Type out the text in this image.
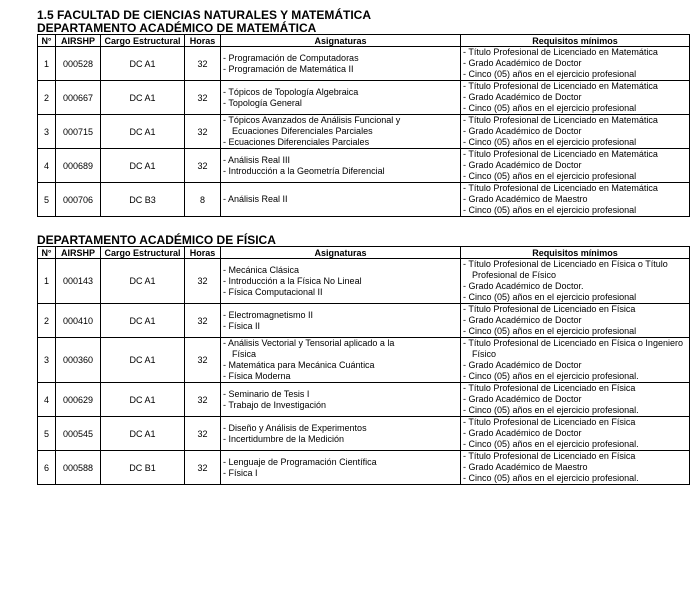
1.5 FACULTAD DE CIENCIAS NATURALES Y MATEMÁTICA
DEPARTAMENTO ACADÉMICO DE MATEMÁTICA
N°	AIRSHP	Cargo Estructural	Horas	Asignaturas	Requisitos mínimos
1	000528	DC A1	32	- Programación de Computadoras
- Programación de Matemática II	- Título Profesional de Licenciado en Matemática
- Grado Académico de Doctor
- Cinco (05) años en el ejercicio profesional

2	000667	DC A1	32	- Tópicos de Topología Algebraica
- Topología General	- Título Profesional de Licenciado en Matemática
- Grado Académico de Doctor
- Cinco (05) años en el ejercicio profesional

3	000715	DC A1	32	- Tópicos Avanzados de Análisis Funcional y
Ecuaciones Diferenciales Parciales
- Ecuaciones Diferenciales Parciales	- Título Profesional de Licenciado en Matemática
- Grado Académico de Doctor
- Cinco (05) años en el ejercicio profesional

4	000689	DC A1	32	- Análisis Real III
- Introducción a la Geometría Diferencial	- Título Profesional de Licenciado en Matemática
- Grado Académico de Doctor
- Cinco (05) años en el ejercicio profesional

5	000706	DC B3	8	- Análisis Real II	- Título Profesional de Licenciado en Matemática
- Grado Académico de Maestro
- Cinco (05) años en el ejercicio profesional
DEPARTAMENTO ACADÉMICO DE FÍSICA
N°	AIRSHP	Cargo Estructural	Horas	Asignaturas	Requisitos mínimos
1	000143	DC A1	32	- Mecánica Clásica
- Introducción a la Física No Lineal
- Física Computacional II	- Título Profesional de Licenciado en Física o Título
Profesional de Físico
- Grado Académico de Doctor.
- Cinco (05) años en el ejercicio profesional

2	000410	DC A1	32	- Electromagnetismo II
- Física II	- Título Profesional de Licenciado en Física
- Grado Académico de Doctor
- Cinco (05) años en el ejercicio profesional

3	000360	DC A1	32	- Análisis Vectorial y Tensorial aplicado a la
Física
- Matemática para Mecánica Cuántica
- Física Moderna	- Título Profesional de Licenciado en Física o Ingeniero
Físico
- Grado Académico de Doctor
- Cinco (05) años en el ejercicio profesional.

4	000629	DC A1	32	- Seminario de Tesis I
- Trabajo de Investigación	- Título Profesional de Licenciado en Física
- Grado Académico de Doctor
- Cinco (05) años en el ejercicio profesional.

5	000545	DC A1	32	- Diseño y Análisis de Experimentos
- Incertidumbre de la Medición	- Título Profesional de Licenciado en Física
- Grado Académico de Doctor
- Cinco (05) años en el ejercicio profesional.

6	000588	DC B1	32	- Lenguaje de Programación Científica
- Física I	- Título Profesional de Licenciado en Física
- Grado Académico de Maestro
- Cinco (05) años en el ejercicio profesional.
